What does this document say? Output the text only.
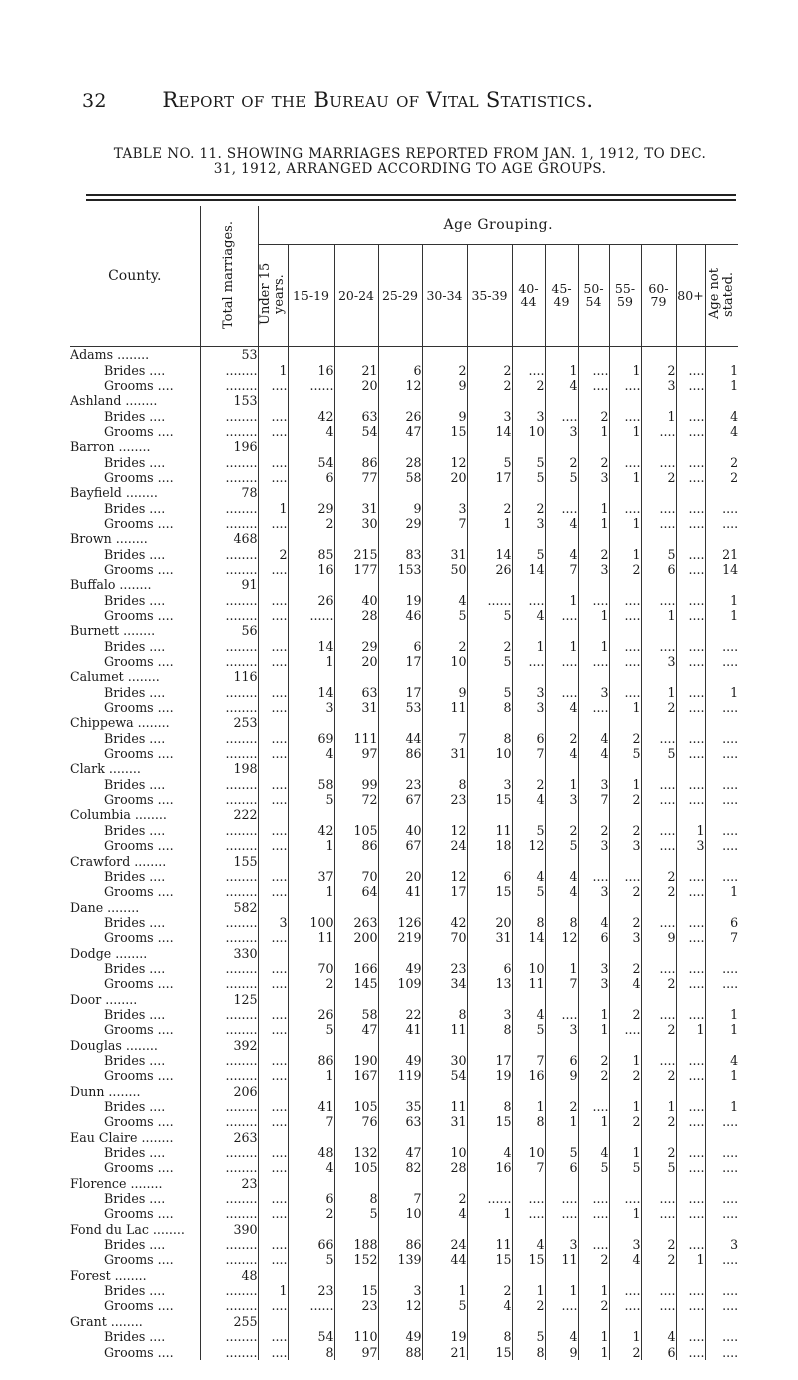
32	Report of the Bureau of Vital Statistics.
TABLE NO. 11. SHOWING MARRIAGES REPORTED FROM JAN. 1, 1912, TO DEC.
31, 1912, ARRANGED ACCORDING TO AGE GROUPS.
County.	Total marriages.	Age Grouping.												
		Under 15 years.	15-19	20-24	25-29	30-34	35-39	40- 44	45- 49	50- 54	55- 59	60- 79	80+	Age not stated.
Adams ........	53													
Brides ....	........	1	16	21	6	2	2	....	1	....	1	2	....	1
Grooms ....	........	....	......	20	12	9	2	2	4	....	....	3	....	1
Ashland ........	153													
Brides ....	........	....	42	63	26	9	3	3	....	2	....	1	....	4
Grooms ....	........	....	4	54	47	15	14	10	3	1	1	....	....	4
Barron ........	196													
Brides ....	........	....	54	86	28	12	5	5	2	2	....	....	....	2
Grooms ....	........	....	6	77	58	20	17	5	5	3	1	2	....	2
Bayfield ........	78													
Brides ....	........	1	29	31	9	3	2	2	....	1	....	....	....	....
Grooms ....	........	....	2	30	29	7	1	3	4	1	1	....	....	....
Brown ........	468													
Brides ....	........	2	85	215	83	31	14	5	4	2	1	5	....	21
Grooms ....	........	....	16	177	153	50	26	14	7	3	2	6	....	14
Buffalo ........	91													
Brides ....	........	....	26	40	19	4	......	....	1	....	....	....	....	1
Grooms ....	........	....	......	28	46	5	5	4	....	1	....	1	....	1
Burnett ........	56													
Brides ....	........	....	14	29	6	2	2	1	1	1	....	....	....	....
Grooms ....	........	....	1	20	17	10	5	....	....	....	....	3	....	....
Calumet ........	116													
Brides ....	........	....	14	63	17	9	5	3	....	3	....	1	....	1
Grooms ....	........	....	3	31	53	11	8	3	4	....	1	2	....	....
Chippewa ........	253													
Brides ....	........	....	69	111	44	7	8	6	2	4	2	....	....	....
Grooms ....	........	....	4	97	86	31	10	7	4	4	5	5	....	....
Clark ........	198													
Brides ....	........	....	58	99	23	8	3	2	1	3	1	....	....	....
Grooms ....	........	....	5	72	67	23	15	4	3	7	2	....	....	....
Columbia ........	222													
Brides ....	........	....	42	105	40	12	11	5	2	2	2	....	1	....
Grooms ....	........	....	1	86	67	24	18	12	5	3	3	....	3	....
Crawford ........	155													
Brides ....	........	....	37	70	20	12	6	4	4	....	....	2	....	....
Grooms ....	........	....	1	64	41	17	15	5	4	3	2	2	....	1
Dane ........	582													
Brides ....	........	3	100	263	126	42	20	8	8	4	2	....	....	6
Grooms ....	........	....	11	200	219	70	31	14	12	6	3	9	....	7
Dodge ........	330													
Brides ....	........	....	70	166	49	23	6	10	1	3	2	....	....	....
Grooms ....	........	....	2	145	109	34	13	11	7	3	4	2	....	....
Door ........	125													
Brides ....	........	....	26	58	22	8	3	4	....	1	2	....	....	1
Grooms ....	........	....	5	47	41	11	8	5	3	1	....	2	1	1
Douglas ........	392													
Brides ....	........	....	86	190	49	30	17	7	6	2	1	....	....	4
Grooms ....	........	....	1	167	119	54	19	16	9	2	2	2	....	1
Dunn ........	206													
Brides ....	........	....	41	105	35	11	8	1	2	....	1	1	....	1
Grooms ....	........	....	7	76	63	31	15	8	1	1	2	2	....	....
Eau Claire ........	263													
Brides ....	........	....	48	132	47	10	4	10	5	4	1	2	....	....
Grooms ....	........	....	4	105	82	28	16	7	6	5	5	5	....	....
Florence ........	23													
Brides ....	........	....	6	8	7	2	......	....	....	....	....	....	....	....
Grooms ....	........	....	2	5	10	4	1	....	....	....	1	....	....	....
Fond du Lac ........	390													
Brides ....	........	....	66	188	86	24	11	4	3	....	3	2	....	3
Grooms ....	........	....	5	152	139	44	15	15	11	2	4	2	1	....
Forest ........	48													
Brides ....	........	1	23	15	3	1	2	1	1	1	....	....	....	....
Grooms ....	........	....	......	23	12	5	4	2	....	2	....	....	....	....
Grant ........	255													
Brides ....	........	....	54	110	49	19	8	5	4	1	1	4	....	....
Grooms ....	........	....	8	97	88	21	15	8	9	1	2	6	....	....
